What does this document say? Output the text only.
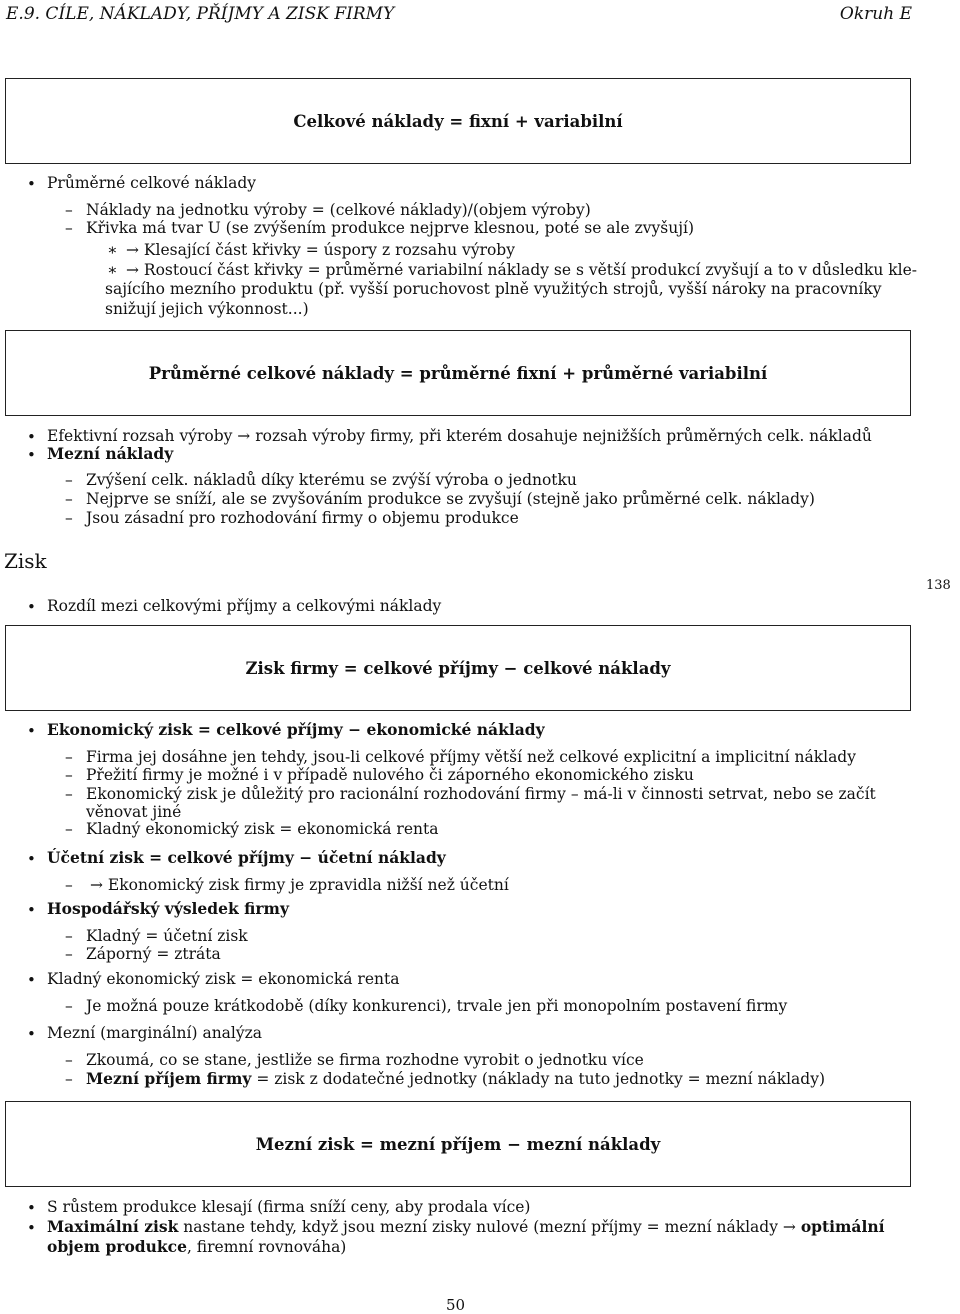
E.9. CÍLE, NÁKLADY, PŘÍJMY A ZISK FIRMY	Okruh E
Celkové náklady = fixní + variabilní
• Průměrné celkové náklady
– Náklady na jednotku výroby = (celkové náklady)/(objem výroby)
– Křivka má tvar U (se zvýšením produkce nejprve klesnou, poté se ale zvyšují)
∗ → Klesající část křivky = úspory z rozsahu výroby
∗ → Rostoucí část křivky = průměrné variabilní náklady se s větší produkcí zvyšují a to v důsledku kle-
sajícího mezního produktu (př. vyšší poruchovost plně využitých strojů, vyšší nároky na pracovníky
snižují jejich výkonnost...)
Průměrné celkové náklady = průměrné fixní + průměrné variabilní
• Efektivní rozsah výroby → rozsah výroby firmy, při kterém dosahuje nejnižších průměrných celk. nákladů
• Mezní náklady
– Zvýšení celk. nákladů díky kterému se zvýší výroba o jednotku
– Nejprve se sníží, ale se zvyšováním produkce se zvyšují (stejně jako průměrné celk. náklady)
– Jsou zásadní pro rozhodování firmy o objemu produkce
Zisk
138
• Rozdíl mezi celkovými příjmy a celkovými náklady
Zisk firmy = celkové příjmy − celkové náklady
• Ekonomický zisk = celkové příjmy − ekonomické náklady
– Firma jej dosáhne jen tehdy, jsou-li celkové příjmy větší než celkové explicitní a implicitní náklady
– Přežití firmy je možné i v případě nulového či záporného ekonomického zisku
– Ekonomický zisk je důležitý pro racionální rozhodování firmy – má-li v činnosti setrvat, nebo se začít
věnovat jiné
– Kladný ekonomický zisk = ekonomická renta
• Účetní zisk = celkové příjmy − účetní náklady
– → Ekonomický zisk firmy je zpravidla nižší než účetní
• Hospodářský výsledek firmy
– Kladný = účetní zisk
– Záporný = ztráta
• Kladný ekonomický zisk = ekonomická renta
– Je možná pouze krátkodobě (díky konkurenci), trvale jen při monopolním postavení firmy
• Mezní (marginální) analýza
– Zkoumá, co se stane, jestliže se firma rozhodne vyrobit o jednotku více
– Mezní příjem firmy = zisk z dodatečné jednotky (náklady na tuto jednotky = mezní náklady)
Mezní zisk = mezní příjem − mezní náklady
• S růstem produkce klesají (firma sníží ceny, aby prodala více)
• Maximální zisk nastane tehdy, když jsou mezní zisky nulové (mezní příjmy = mezní náklady → optimální
objem produkce, firemní rovnováha)
50
